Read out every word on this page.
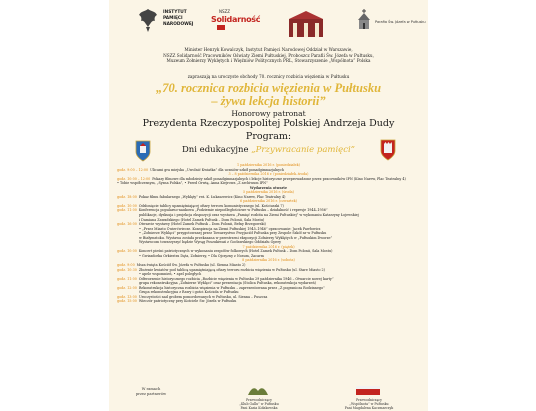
INSTYTUT
PAMIĘCI
NARODOWEJ
NSZZ
Solidarność	Parafia Św. Józefa w Pułtusku
Minister Henryk Kowalczyk, Instytut Pamięci Narodowej Oddział w Warszawie,
NSZZ Solidarność Pracowników Oświaty Ziemi Pułtuskiej, Proboszcz Parafii Św. Józefa w Pułtusku,
Muzeum Żołnierzy Wyklętych i Więźniów Politycznych PRL, Stowarzyszenie „Wspólnota” Polska
zapraszają na uroczyste obchody 70. rocznicy rozbicia więzienia w Pułtusku
„70. rocznica rozbicia więzienia w Pułtusku
– żywa lekcja historii”
Honorowy patronat
Prezydenta Rzeczypospolitej Polskiej Andrzeja Dudy
Program:
Dni edukacyjne „Przywracanie pamięci”
1 października 2016 r. (poniedziałek)
godz. 9:00 – 12:00 Ulicami gra miejska „Uwolnić Kwiatka” dla uczniów szkół ponadgimnazjalnych
3 – 8 października 2016 r. (poniedziałek–środa)
godz. 10:00 – 12:00 Pokazy filmowe dla młodzieży szkół ponadgimnazjalnych i lekcje historyczne przeprowadzone przez pracowników IPN (Kino Narew, Plac Teatralny 4)
• Tobie współczesnym, „Syzna Polska”, • Przed Orwią, Anna Kiejrowa „Z archiwum IPN”
Wydarzenia otwarte
5 października 2016 r. (środa)
godz. 18:00 Pokaz filmu fabularnego „Wyklęty” reż. K. Łukaszewicz (Kino Narew, Plac Teatralny 4)
6 października 2016 r. (czwartek)
godz. 10:00 Odsłonięcie tablicy upamiętniającej ofiary terroru komunistycznego (ul. Kościuszki 7)
godz. 11:00 Konferencja popularno-naukowa „Podziemie niepodległościowe w Pułtusku – działalność i represje 1944–1956”
publikacje, dyskusja i projekcja ekspozycji oraz wystawa „Pamięć rozbita na Ziemi Pułtuskiej” w wykonaniu Katarzyny Łojewskiej
i Damiana Zawadzkiego (Hotel Zamek Pułtusk – Dom Polonii, Sala Mostu)
godz. 16:00 Otwarcie wystawy (Hotel Zamek Pułtusk – Dom Polonii, Bełny Brzegowski)
• „Przez Miasto Ćwierćwiecze. Konspiracja na Ziemi Pułtuskiej 1945–1946” opracowanie: Jacek Pawłowicz
• „Żołnierze Wyklęci” przygotowanej przez Towarzystwo Przyjaciół Pułtuska przy Zespole Szkół nr w Pułtusku
w Białymstoku. Wystawa została przekazana w przestrzeni ekspozycji Żołnierzy Wyklętych w „Pułtuskim Dworze”
Wystawcom towarzyszyć będzie Wyrąg Poszukiwań z Gocławskiego Oddziału Opery
7 października 2016 r. (piątek)
godz. 10:00 Koncert pieśni patriotycznych w wykonaniu zespołów folkowych (Hotel Zamek Pułtusk – Dom Polonii, Sala Mostu)
• Gwiazdorka Orkiestra Dęta, Zołnierzy, • Dla Ojczyzny z Nosum, Zacarm
8 października 2016 r. (sobota)
godz. 9:00 Msza święta Kościół Św. Józefa w Pułtusku (ul. Sienna Miasto 2)
godz. 10:30 Złożenie kwiatów pod tablicą upamiętniającą ofiary terroru rozbicia więzienia w Pułtusku (ul. Stare Miasto 2)
• apele wspomnień, • apel poległych
godz. 11:00 Odtworzenie historycznego rozbicia „Rozbicie więzienia w Pułtusku 29 października 1946 – Otwarcie nowej karty”
grupa rekonstrukcyjna „Żołnierze Wyklęci” oraz prezentacja (Stolica Pułtuska, rekonstrukcja wydarzeń)
godz. 12:00 Rekonstrukcja historyczna rozbicia więzienia w Pułtusku – zaprezentowana przez „Z pogranicza Rodzinnego”
Grupa rekonstrukcyjna z Rawy i gości Kościoła w Pułtusku
godz. 13:00 Uroczystości nad grobem pomordowanych w Pułtusku, ul. Sienna – Puszcza
godz. 15:00 Wieczór patriotyczny przy Kościele Św. Józefa w Pułtusku
W ramach
przez partnerów
Przewodniczący
„Klub Gallu” w Pułtusku
Pani Kasia Kołakowska
Przewodniczący
„Wspólnota” w Pułtusku
Pani Magdalena Kaczmarczyk
